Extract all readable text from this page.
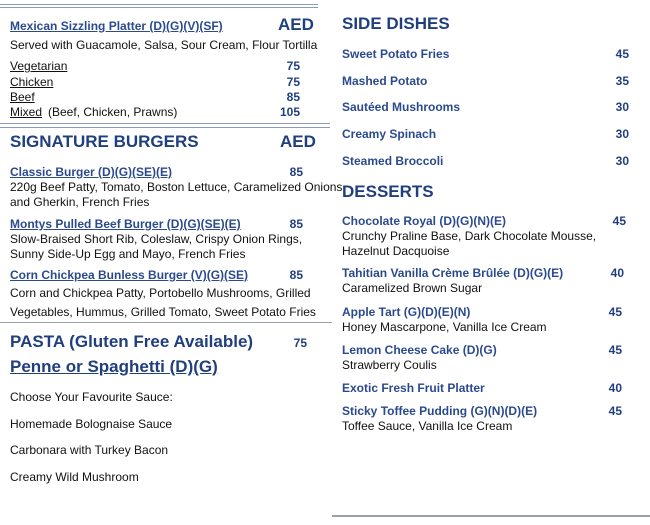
Mexican Sizzling Platter (D)(G)(V)(SF)	AED
Served with Guacamole, Salsa, Sour Cream, Flour Tortilla
Vegetarian	75
Chicken	75
Beef	85
Mixed (Beef, Chicken, Prawns)	105
SIGNATURE BURGERS	AED
Classic Burger (D)(G)(SE)(E)	85
220g Beef Patty, Tomato, Boston Lettuce, Caramelized Onions
and Gherkin, French Fries
Montys Pulled Beef Burger (D)(G)(SE)(E)	85
Slow-Braised Short Rib, Coleslaw, Crispy Onion Rings,
Sunny Side-Up Egg and Mayo, French Fries
Corn Chickpea Bunless Burger (V)(G)(SE)	85
Corn and Chickpea Patty, Portobello Mushrooms, Grilled
Vegetables, Hummus, Grilled Tomato, Sweet Potato Fries
PASTA (Gluten Free Available)	75
Penne or Spaghetti (D)(G)
Choose Your Favourite Sauce:
Homemade Bolognaise Sauce
Carbonara with Turkey Bacon
Creamy Wild Mushroom
SIDE DISHES
Sweet Potato Fries	45
Mashed Potato	35
Sautéed Mushrooms	30
Creamy Spinach	30
Steamed Broccoli	30
DESSERTS
Chocolate Royal (D)(G)(N)(E)	45
Crunchy Praline Base, Dark Chocolate Mousse,
Hazelnut Dacquoise
Tahitian Vanilla Crème Brûlée (D)(G)(E)	40
Caramelized Brown Sugar
Apple Tart (G)(D)(E)(N)	45
Honey Mascarpone, Vanilla Ice Cream
Lemon Cheese Cake (D)(G)	45
Strawberry Coulis
Exotic Fresh Fruit Platter	40
Sticky Toffee Pudding (G)(N)(D)(E)	45
Toffee Sauce, Vanilla Ice Cream
